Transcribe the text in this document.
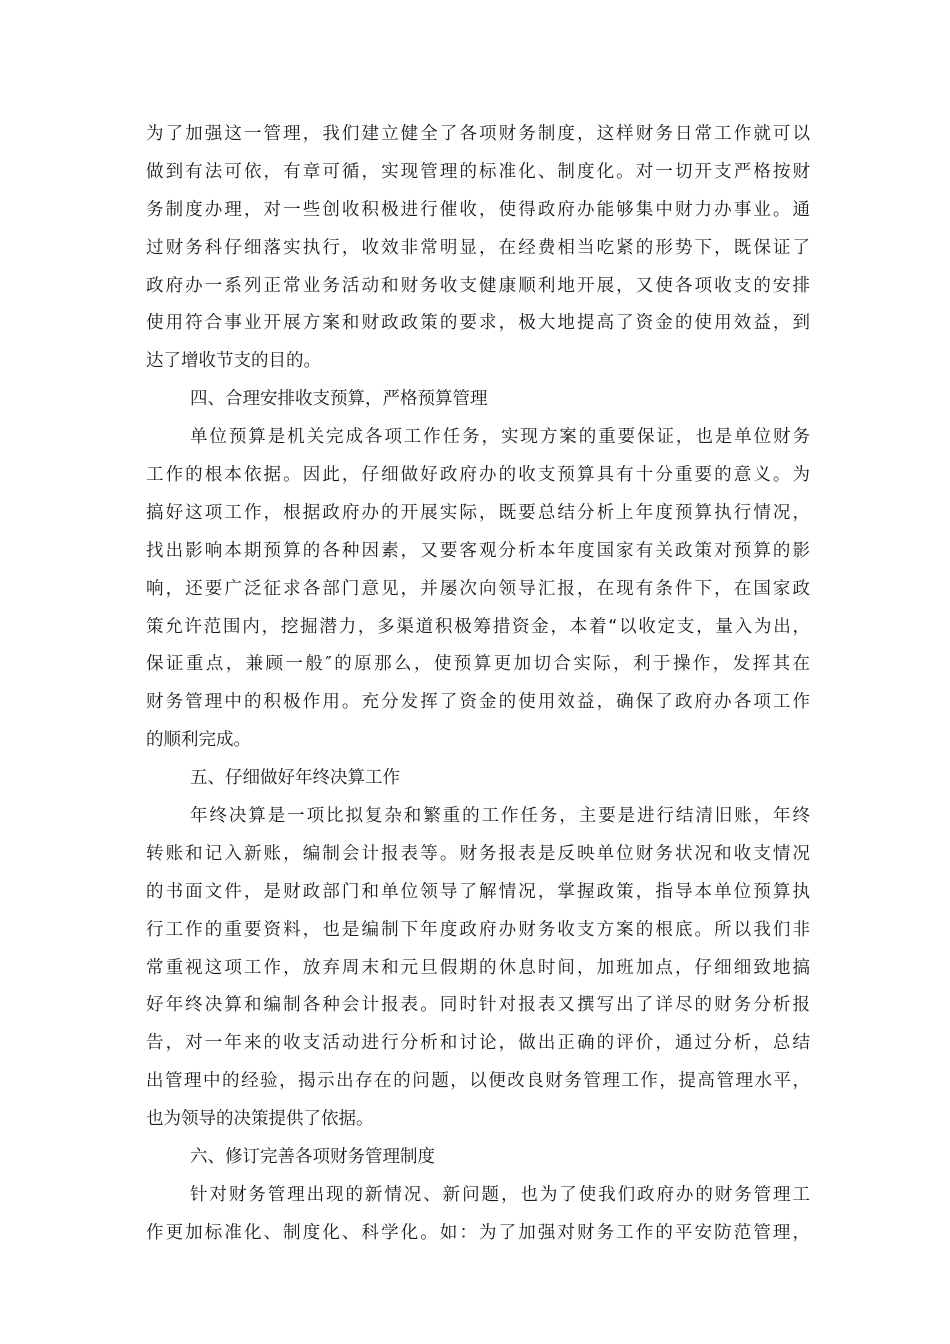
为了加强这一管理，我们建立健全了各项财务制度，这样财务日常工作就可以
做到有法可依，有章可循，实现管理的标准化、制度化。对一切开支严格按财
务制度办理，对一些创收积极进行催收，使得政府办能够集中财力办事业。通
过财务科仔细落实执行，收效非常明显，在经费相当吃紧的形势下，既保证了
政府办一系列正常业务活动和财务收支健康顺利地开展，又使各项收支的安排
使用符合事业开展方案和财政政策的要求，极大地提高了资金的使用效益，到
达了增收节支的目的。
四、合理安排收支预算，严格预算管理
单位预算是机关完成各项工作任务，实现方案的重要保证，也是单位财务
工作的根本依据。因此，仔细做好政府办的收支预算具有十分重要的意义。为
搞好这项工作，根据政府办的开展实际，既要总结分析上年度预算执行情况，
找出影响本期预算的各种因素，又要客观分析本年度国家有关政策对预算的影
响，还要广泛征求各部门意见，并屡次向领导汇报，在现有条件下，在国家政
策允许范围内，挖掘潜力，多渠道积极筹措资金，本着“以收定支，量入为出，
保证重点，兼顾一般″的原那么，使预算更加切合实际，利于操作，发挥其在
财务管理中的积极作用。充分发挥了资金的使用效益，确保了政府办各项工作
的顺利完成。
五、仔细做好年终决算工作
年终决算是一项比拟复杂和繁重的工作任务，主要是进行结清旧账，年终
转账和记入新账，编制会计报表等。财务报表是反映单位财务状况和收支情况
的书面文件，是财政部门和单位领导了解情况，掌握政策，指导本单位预算执
行工作的重要资料，也是编制下年度政府办财务收支方案的根底。所以我们非
常重视这项工作，放弃周末和元旦假期的休息时间，加班加点，仔细细致地搞
好年终决算和编制各种会计报表。同时针对报表又撰写出了详尽的财务分析报
告，对一年来的收支活动进行分析和讨论，做出正确的评价，通过分析，总结
出管理中的经验，揭示出存在的问题，以便改良财务管理工作，提高管理水平，
也为领导的决策提供了依据。
六、修订完善各项财务管理制度
针对财务管理出现的新情况、新问题，也为了使我们政府办的财务管理工
作更加标准化、制度化、科学化。如：为了加强对财务工作的平安防范管理，
